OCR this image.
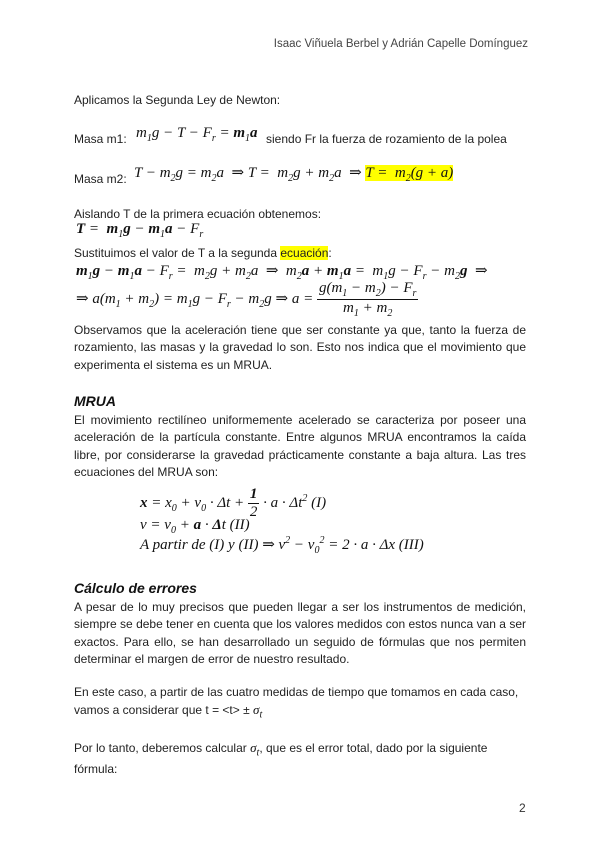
Isaac Viñuela Berbel y Adrián Capelle Domínguez
Aplicamos la Segunda Ley de Newton:
Masa m1: $m_1g - T - F_r = m_1a$ siendo Fr la fuerza de rozamiento de la polea
Masa m2: $T - m_2g = m_2a$  ⇒ $T = m_2g + m_2a$  ⇒ $T = m_2(g + a)$
Aislando T de la primera ecuación obtenemos:
$T = m_1g - m_1a - F_r$
Sustituimos el valor de T a la segunda ecuación:
$m_1g - m_1a - F_r = m_2g + m_2a$  ⇒  $m_2a + m_1a = m_1g - F_r - m_2g$  ⇒
⇒ $a(m_1 + m_2) = m_1g - F_r - m_2g$ ⇒ $a = \frac{g(m_1 - m_2) - F_r}{m_1 + m_2}$
Observamos que la aceleración tiene que ser constante ya que, tanto la fuerza de rozamiento, las masas y la gravedad lo son. Esto nos indica que el movimiento que experimenta el sistema es un MRUA.
MRUA
El movimiento rectilíneo uniformemente acelerado se caracteriza por poseer una aceleración de la partícula constante. Entre algunos MRUA encontramos la caída libre, por considerarse la gravedad prácticamente constante a baja altura. Las tres ecuaciones del MRUA son:
$x = x_0 + v_0 \cdot \Delta t + \frac{1}{2} \cdot a \cdot \Delta t^2$ (I)
$v = v_0 + a \cdot \Delta t$ (II)
A partir de (I) y (II) ⇒ $v^2 - v_0^2 = 2 \cdot a \cdot \Delta x$ (III)
Cálculo de errores
A pesar de lo muy precisos que pueden llegar a ser los instrumentos de medición, siempre se debe tener en cuenta que los valores medidos con estos nunca van a ser exactos. Para ello, se han desarrollado un seguido de fórmulas que nos permiten determinar el margen de error de nuestro resultado.
En este caso, a partir de las cuatro medidas de tiempo que tomamos en cada caso,
vamos a considerar que $t = <t> \pm \sigma_t$
Por lo tanto, deberemos calcular $\sigma_t$, que es el error total, dado por la siguiente
fórmula:
2
